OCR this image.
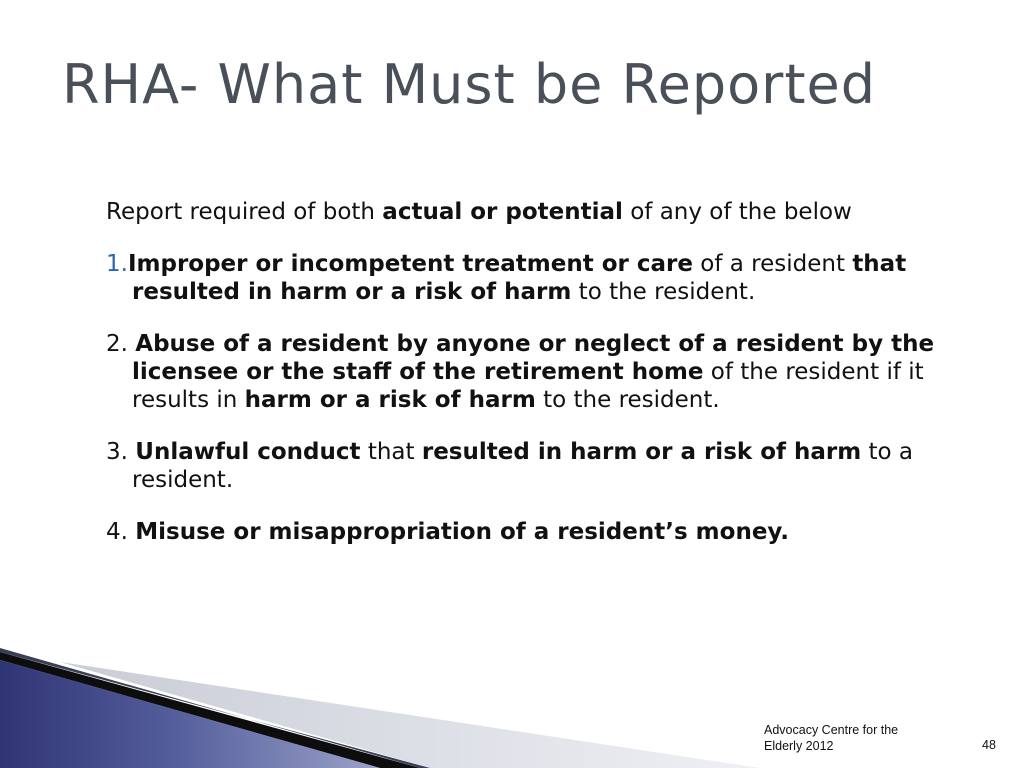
RHA- What Must be Reported

Report required of both actual or potential of any of the below

1.Improper or incompetent treatment or care of a resident that resulted in harm or a risk of harm to the resident.

2. Abuse of a resident by anyone or neglect of a resident by the licensee or the staff of the retirement home of the resident if it results in harm or a risk of harm to the resident.

3. Unlawful conduct that resulted in harm or a risk of harm to a resident.

4. Misuse or misappropriation of a resident’s money.

Advocacy Centre for the Elderly 2012	48
